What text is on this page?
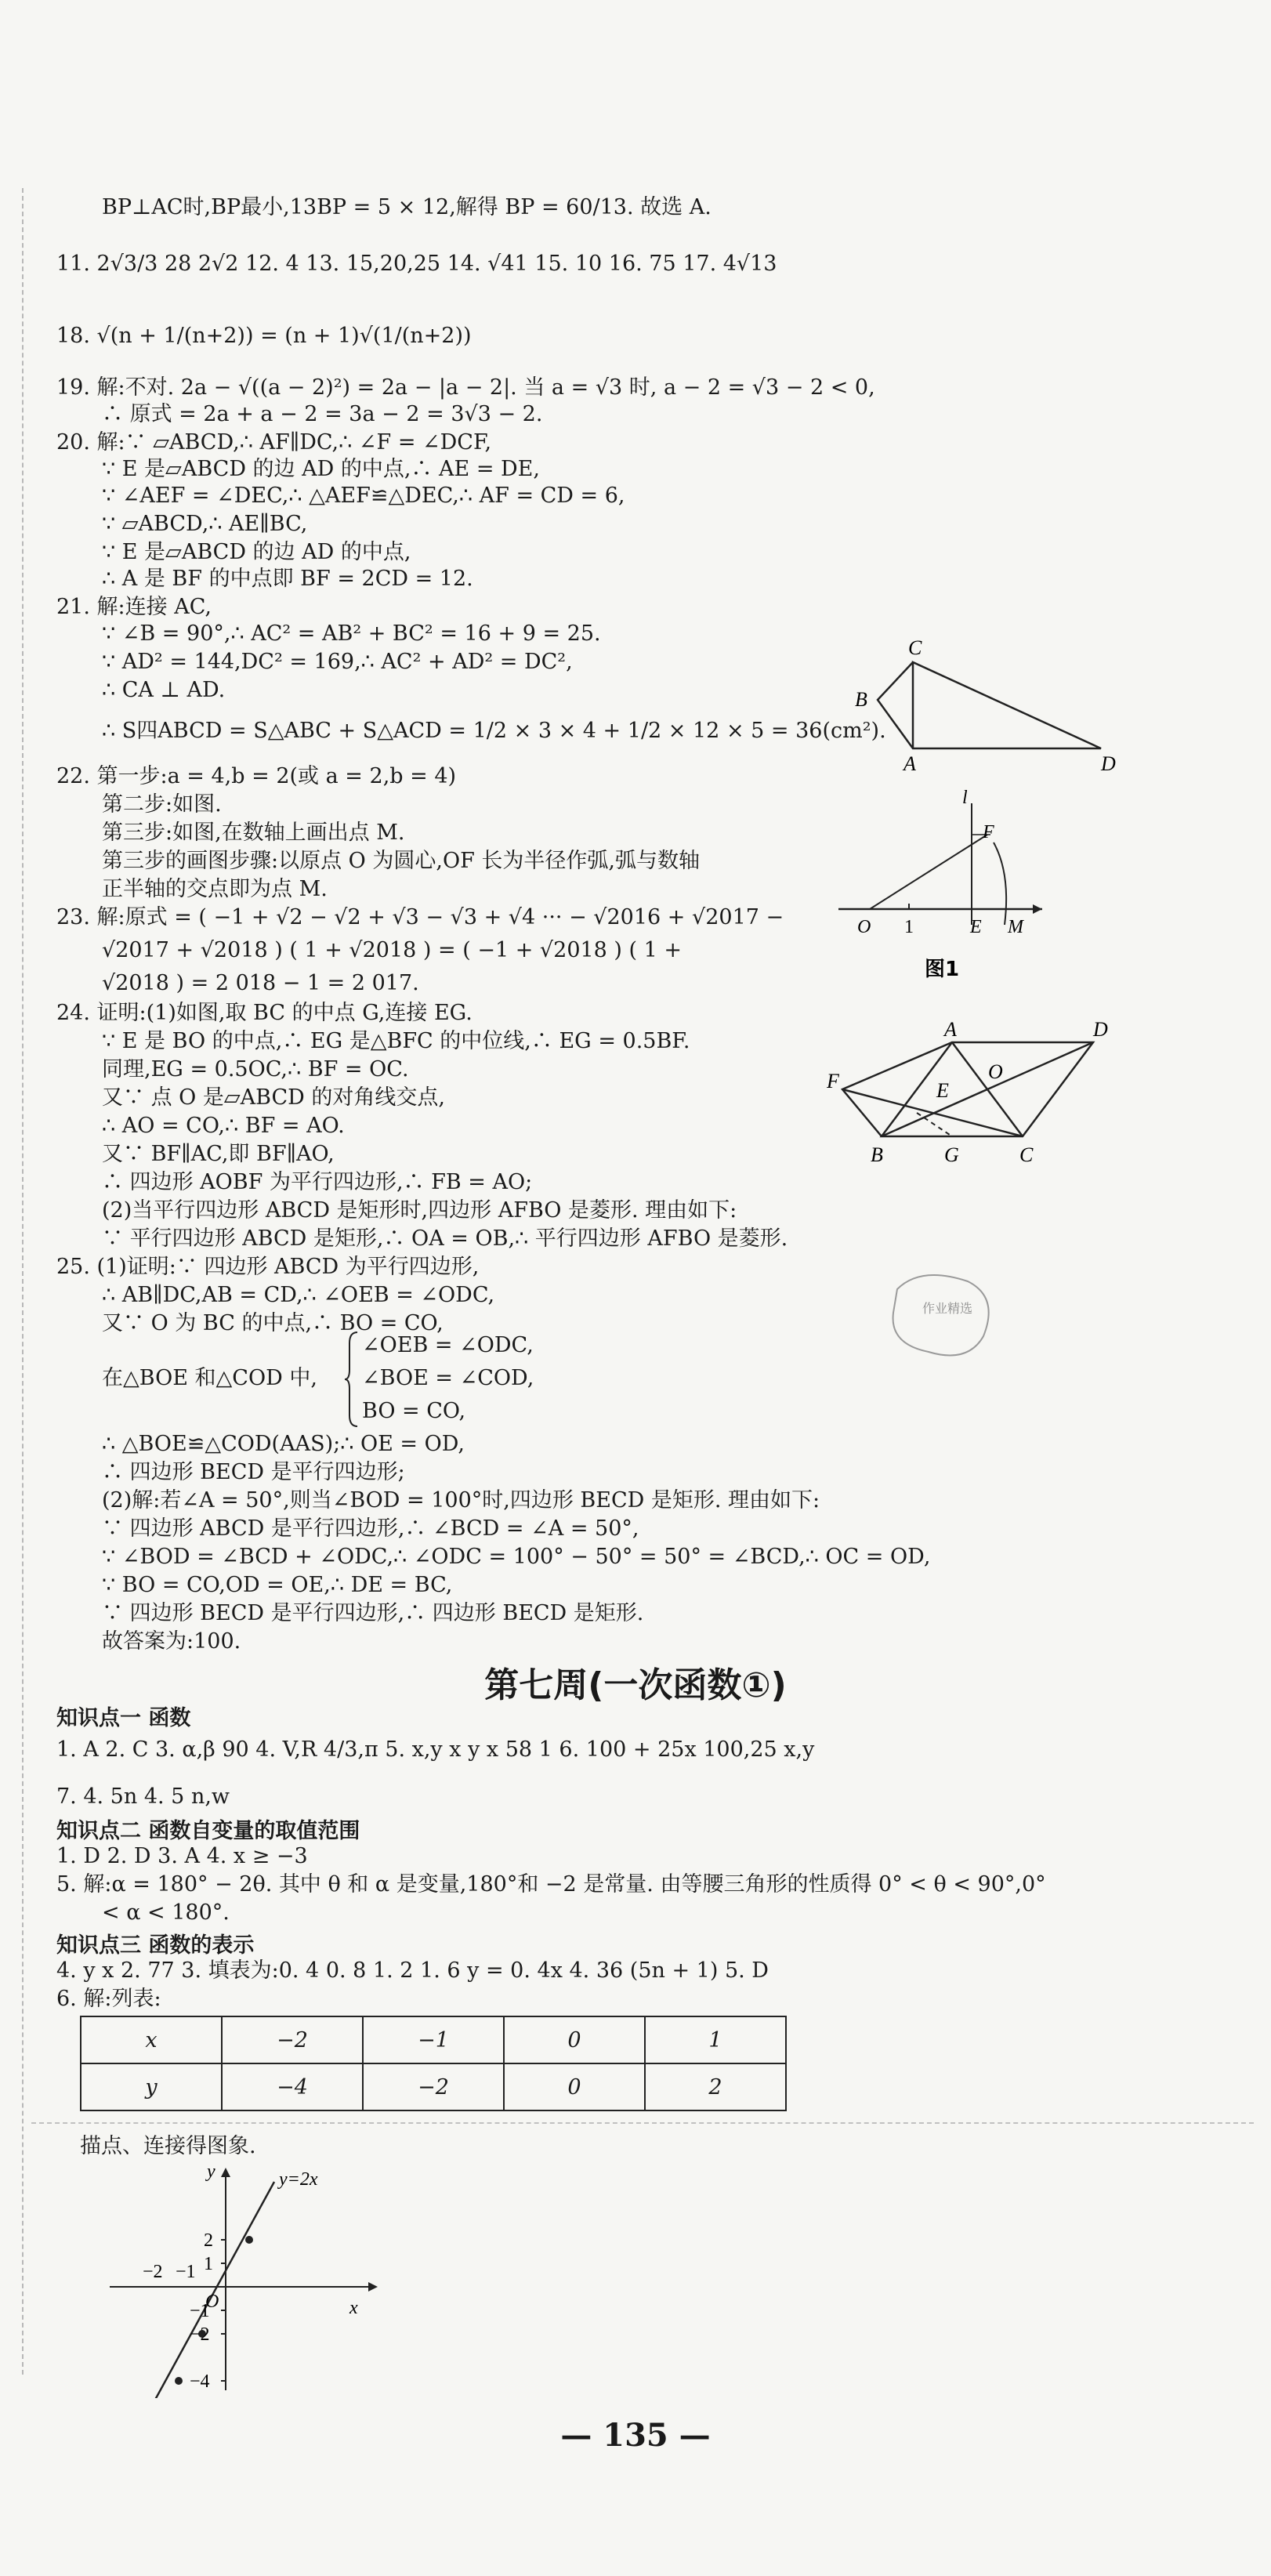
BP⊥AC时,BP最小,13BP = 5 × 12,解得 BP = 60/13. 故选 A.
11. 2√3/3 28 2√2 12. 4 13. 15,20,25 14. √41 15. 10 16. 75 17. 4√13
18. √(n + 1/(n+2)) = (n + 1)√(1/(n+2))
19. 解:不对. 2a − √((a − 2)²) = 2a − |a − 2|. 当 a = √3 时, a − 2 = √3 − 2 < 0,
∴ 原式 = 2a + a − 2 = 3a − 2 = 3√3 − 2.
20. 解:∵ ▱ABCD,∴ AF∥DC,∴ ∠F = ∠DCF,
∵ E 是▱ABCD 的边 AD 的中点,∴ AE = DE,
∵ ∠AEF = ∠DEC,∴ △AEF≌△DEC,∴ AF = CD = 6,
∵ ▱ABCD,∴ AE∥BC,
∵ E 是▱ABCD 的边 AD 的中点,
∴ A 是 BF 的中点即 BF = 2CD = 12.
21. 解:连接 AC,
∵ ∠B = 90°,∴ AC² = AB² + BC² = 16 + 9 = 25.
∵ AD² = 144,DC² = 169,∴ AC² + AD² = DC²,
∴ CA ⊥ AD.
∴ S四ABCD = S△ABC + S△ACD = 1/2 × 3 × 4 + 1/2 × 12 × 5 = 36(cm²).
22. 第一步:a = 4,b = 2(或 a = 2,b = 4)
第二步:如图.
第三步:如图,在数轴上画出点 M.
第三步的画图步骤:以原点 O 为圆心,OF 长为半径作弧,弧与数轴
正半轴的交点即为点 M.
23. 解:原式 = ( −1 + √2 − √2 + √3 − √3 + √4 ··· − √2016 + √2017 −
√2017 + √2018 ) ( 1 + √2018 ) = ( −1 + √2018 ) ( 1 +
√2018 ) = 2 018 − 1 = 2 017.
24. 证明:(1)如图,取 BC 的中点 G,连接 EG.
∵ E 是 BO 的中点,∴ EG 是△BFC 的中位线,∴ EG = 0.5BF.
同理,EG = 0.5OC,∴ BF = OC.
又∵ 点 O 是▱ABCD 的对角线交点,
∴ AO = CO,∴ BF = AO.
又∵ BF∥AC,即 BF∥AO,
∴ 四边形 AOBF 为平行四边形,∴ FB = AO;
(2)当平行四边形 ABCD 是矩形时,四边形 AFBO 是菱形. 理由如下:
∵ 平行四边形 ABCD 是矩形,∴ OA = OB,∴ 平行四边形 AFBO 是菱形.
25. (1)证明:∵ 四边形 ABCD 为平行四边形,
∴ AB∥DC,AB = CD,∴ ∠OEB = ∠ODC,
又∵ O 为 BC 的中点,∴ BO = CO,
在△BOE 和△COD 中,
∠OEB = ∠ODC,
∠BOE = ∠COD,
BO = CO,
∴ △BOE≌△COD(AAS);∴ OE = OD,
∴ 四边形 BECD 是平行四边形;
(2)解:若∠A = 50°,则当∠BOD = 100°时,四边形 BECD 是矩形. 理由如下:
∵ 四边形 ABCD 是平行四边形,∴ ∠BCD = ∠A = 50°,
∵ ∠BOD = ∠BCD + ∠ODC,∴ ∠ODC = 100° − 50° = 50° = ∠BCD,∴ OC = OD,
∵ BO = CO,OD = OE,∴ DE = BC,
∵ 四边形 BECD 是平行四边形,∴ 四边形 BECD 是矩形.
故答案为:100.
第七周(一次函数①)
知识点一 函数
1. A 2. C 3. α,β 90 4. V,R 4/3,π 5. x,y x y x 58 1 6. 100 + 25x 100,25 x,y
7. 4. 5n 4. 5 n,w
知识点二 函数自变量的取值范围
1. D 2. D 3. A 4. x ≥ −3
5. 解:α = 180° − 2θ. 其中 θ 和 α 是变量,180°和 −2 是常量. 由等腰三角形的性质得 0° < θ < 90°,0°
< α < 180°.
知识点三 函数的表示
4. y x 2. 77 3. 填表为:0. 4 0. 8 1. 2 1. 6 y = 0. 4x 4. 36 (5n + 1) 5. D
6. 解:列表:
x	−2	−1	0	1
y	−4	−2	0	2
描点、连接得图象.
C
B
A	D
l
F
O 1	E M
图1
A	D
F	O
E
B	G	C
作业精选
y
x
y=2x
O
2
1
−1
−2
−4
−2 −1
— 135 —
